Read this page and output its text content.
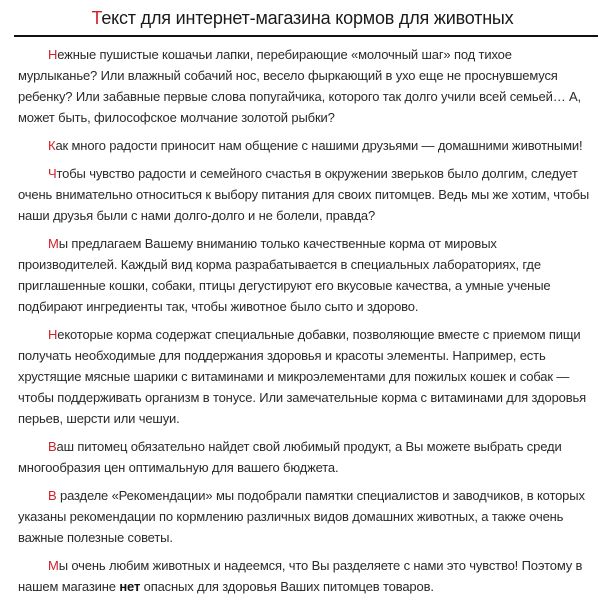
Текст для интернет-магазина кормов для животных

Нежные пушистые кошачьи лапки, перебирающие «молочный шаг» под тихое мурлыканье? Или влажный собачий нос, весело фыркающий в ухо еще не проснувшемуся ребенку? Или забавные первые слова попугайчика, которого так долго учили всей семьей… А, может быть, философское молчание золотой рыбки?

Как много радости приносит нам общение с нашими друзьями — домашними животными!

Чтобы чувство радости и семейного счастья в окружении зверьков было долгим, следует очень внимательно относиться к выбору питания для своих питомцев. Ведь мы же хотим, чтобы наши друзья были с нами долго-долго и не болели, правда?

Мы предлагаем Вашему вниманию только качественные корма от мировых производителей. Каждый вид корма разрабатывается в специальных лабораториях, где приглашенные кошки, собаки, птицы дегустируют его вкусовые качества, а умные ученые подбирают ингредиенты так, чтобы животное было сыто и здорово.

Некоторые корма содержат специальные добавки, позволяющие вместе с приемом пищи получать необходимые для поддержания здоровья и красоты элементы. Например, есть хрустящие мясные шарики с витаминами и микроэлементами для пожилых кошек и собак — чтобы поддерживать организм в тонусе. Или замечательные корма с витаминами для здоровья перьев, шерсти или чешуи.

Ваш питомец обязательно найдет свой любимый продукт, а Вы можете выбрать среди многообразия цен оптимальную для вашего бюджета.

В разделе «Рекомендации» мы подобрали памятки специалистов и заводчиков, в которых указаны рекомендации по кормлению различных видов домашних животных, а также очень важные полезные советы.

Мы очень любим животных и надеемся, что Вы разделяете с нами это чувство! Поэтому в нашем магазине нет опасных для здоровья Ваших питомцев товаров.
